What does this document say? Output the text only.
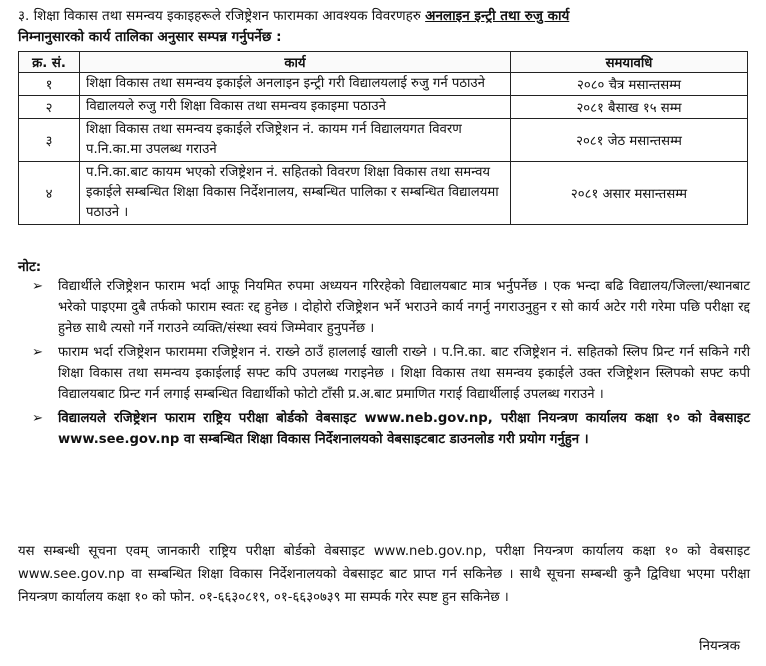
३. शिक्षा विकास तथा समन्वय इकाइहरूले रजिष्ट्रेशन फारामका आवश्यक विवरणहरु अनलाइन इन्ट्री तथा रुजु कार्य
निम्नानुसारको कार्य तालिका अनुसार सम्पन्न गर्नुपर्नेछ :
क्र. सं.	कार्य	समयावधि
१	शिक्षा विकास तथा समन्वय इकाईले अनलाइन इन्ट्री गरी विद्यालयलाई रुजु गर्न पठाउने	२०८० चैत्र मसान्तसम्म
२	विद्यालयले रुजु गरी शिक्षा विकास तथा समन्वय इकाइमा पठाउने	२०८१ बैसाख १५ सम्म
३	शिक्षा विकास तथा समन्वय इकाईले रजिष्ट्रेशन नं. कायम गर्न विद्यालयगत विवरण प.नि.का.मा उपलब्ध गराउने	२०८१ जेठ मसान्तसम्म
४	प.नि.का.बाट कायम भएको रजिष्ट्रेशन नं. सहितको विवरण शिक्षा विकास तथा समन्वय इकाईले सम्बन्धित शिक्षा विकास निर्देशनालय, सम्बन्धित पालिका र सम्बन्धित विद्यालयमा पठाउने ।	२०८१ असार मसान्तसम्म
नोट:
➢	विद्यार्थीले रजिष्ट्रेशन फाराम भर्दा आफू नियमित रुपमा अध्ययन गरिरहेको विद्यालयबाट मात्र भर्नुपर्नेछ । एक भन्दा बढि विद्यालय/जिल्ला/स्थानबाट भरेको पाइएमा दुबै तर्फको फाराम स्वतः रद्द हुनेछ । दोहोरो रजिष्ट्रेशन भर्ने भराउने कार्य नगर्नु नगराउनुहुन र सो कार्य अटेर गरी गरेमा पछि परीक्षा रद्द हुनेछ साथै त्यसो गर्ने गराउने व्यक्ति/संस्था स्वयं जिम्मेवार हुनुपर्नेछ ।
➢	फाराम भर्दा रजिष्ट्रेशन फाराममा रजिष्ट्रेशन नं. राख्ने ठाउँ हाललाई खाली राख्ने । प.नि.का. बाट रजिष्ट्रेशन नं. सहितको स्लिप प्रिन्ट गर्न सकिने गरी शिक्षा विकास तथा समन्वय इकाईलाई सफ्ट कपि उपलब्ध गराइनेछ । शिक्षा विकास तथा समन्वय इकाईले उक्त रजिष्ट्रेशन स्लिपको सफ्ट कपी विद्यालयबाट प्रिन्ट गर्न लगाई सम्बन्धित विद्यार्थीको फोटो टाँसी प्र.अ.बाट प्रमाणित गराई विद्यार्थीलाई उपलब्ध गराउने ।
➢	विद्यालयले रजिष्ट्रेशन फाराम राष्ट्रिय परीक्षा बोर्डको वेबसाइट www.neb.gov.np, परीक्षा नियन्त्रण कार्यालय कक्षा १० को वेबसाइट www.see.gov.np वा सम्बन्धित शिक्षा विकास निर्देशनालयको वेबसाइटबाट डाउनलोड गरी प्रयोग गर्नुहुन ।
यस सम्बन्धी सूचना एवम् जानकारी राष्ट्रिय परीक्षा बोर्डको वेबसाइट www.neb.gov.np, परीक्षा नियन्त्रण कार्यालय कक्षा १० को वेबसाइट www.see.gov.np वा सम्बन्धित शिक्षा विकास निर्देशनालयको वेबसाइट बाट प्राप्त गर्न सकिनेछ । साथै सूचना सम्बन्धी कुनै द्विविधा भएमा परीक्षा नियन्त्रण कार्यालय कक्षा १० को फोन. ०१-६६३०८१९, ०१-६६३०७३९ मा सम्पर्क गरेर स्पष्ट हुन सकिनेछ ।
नियन्त्रक
